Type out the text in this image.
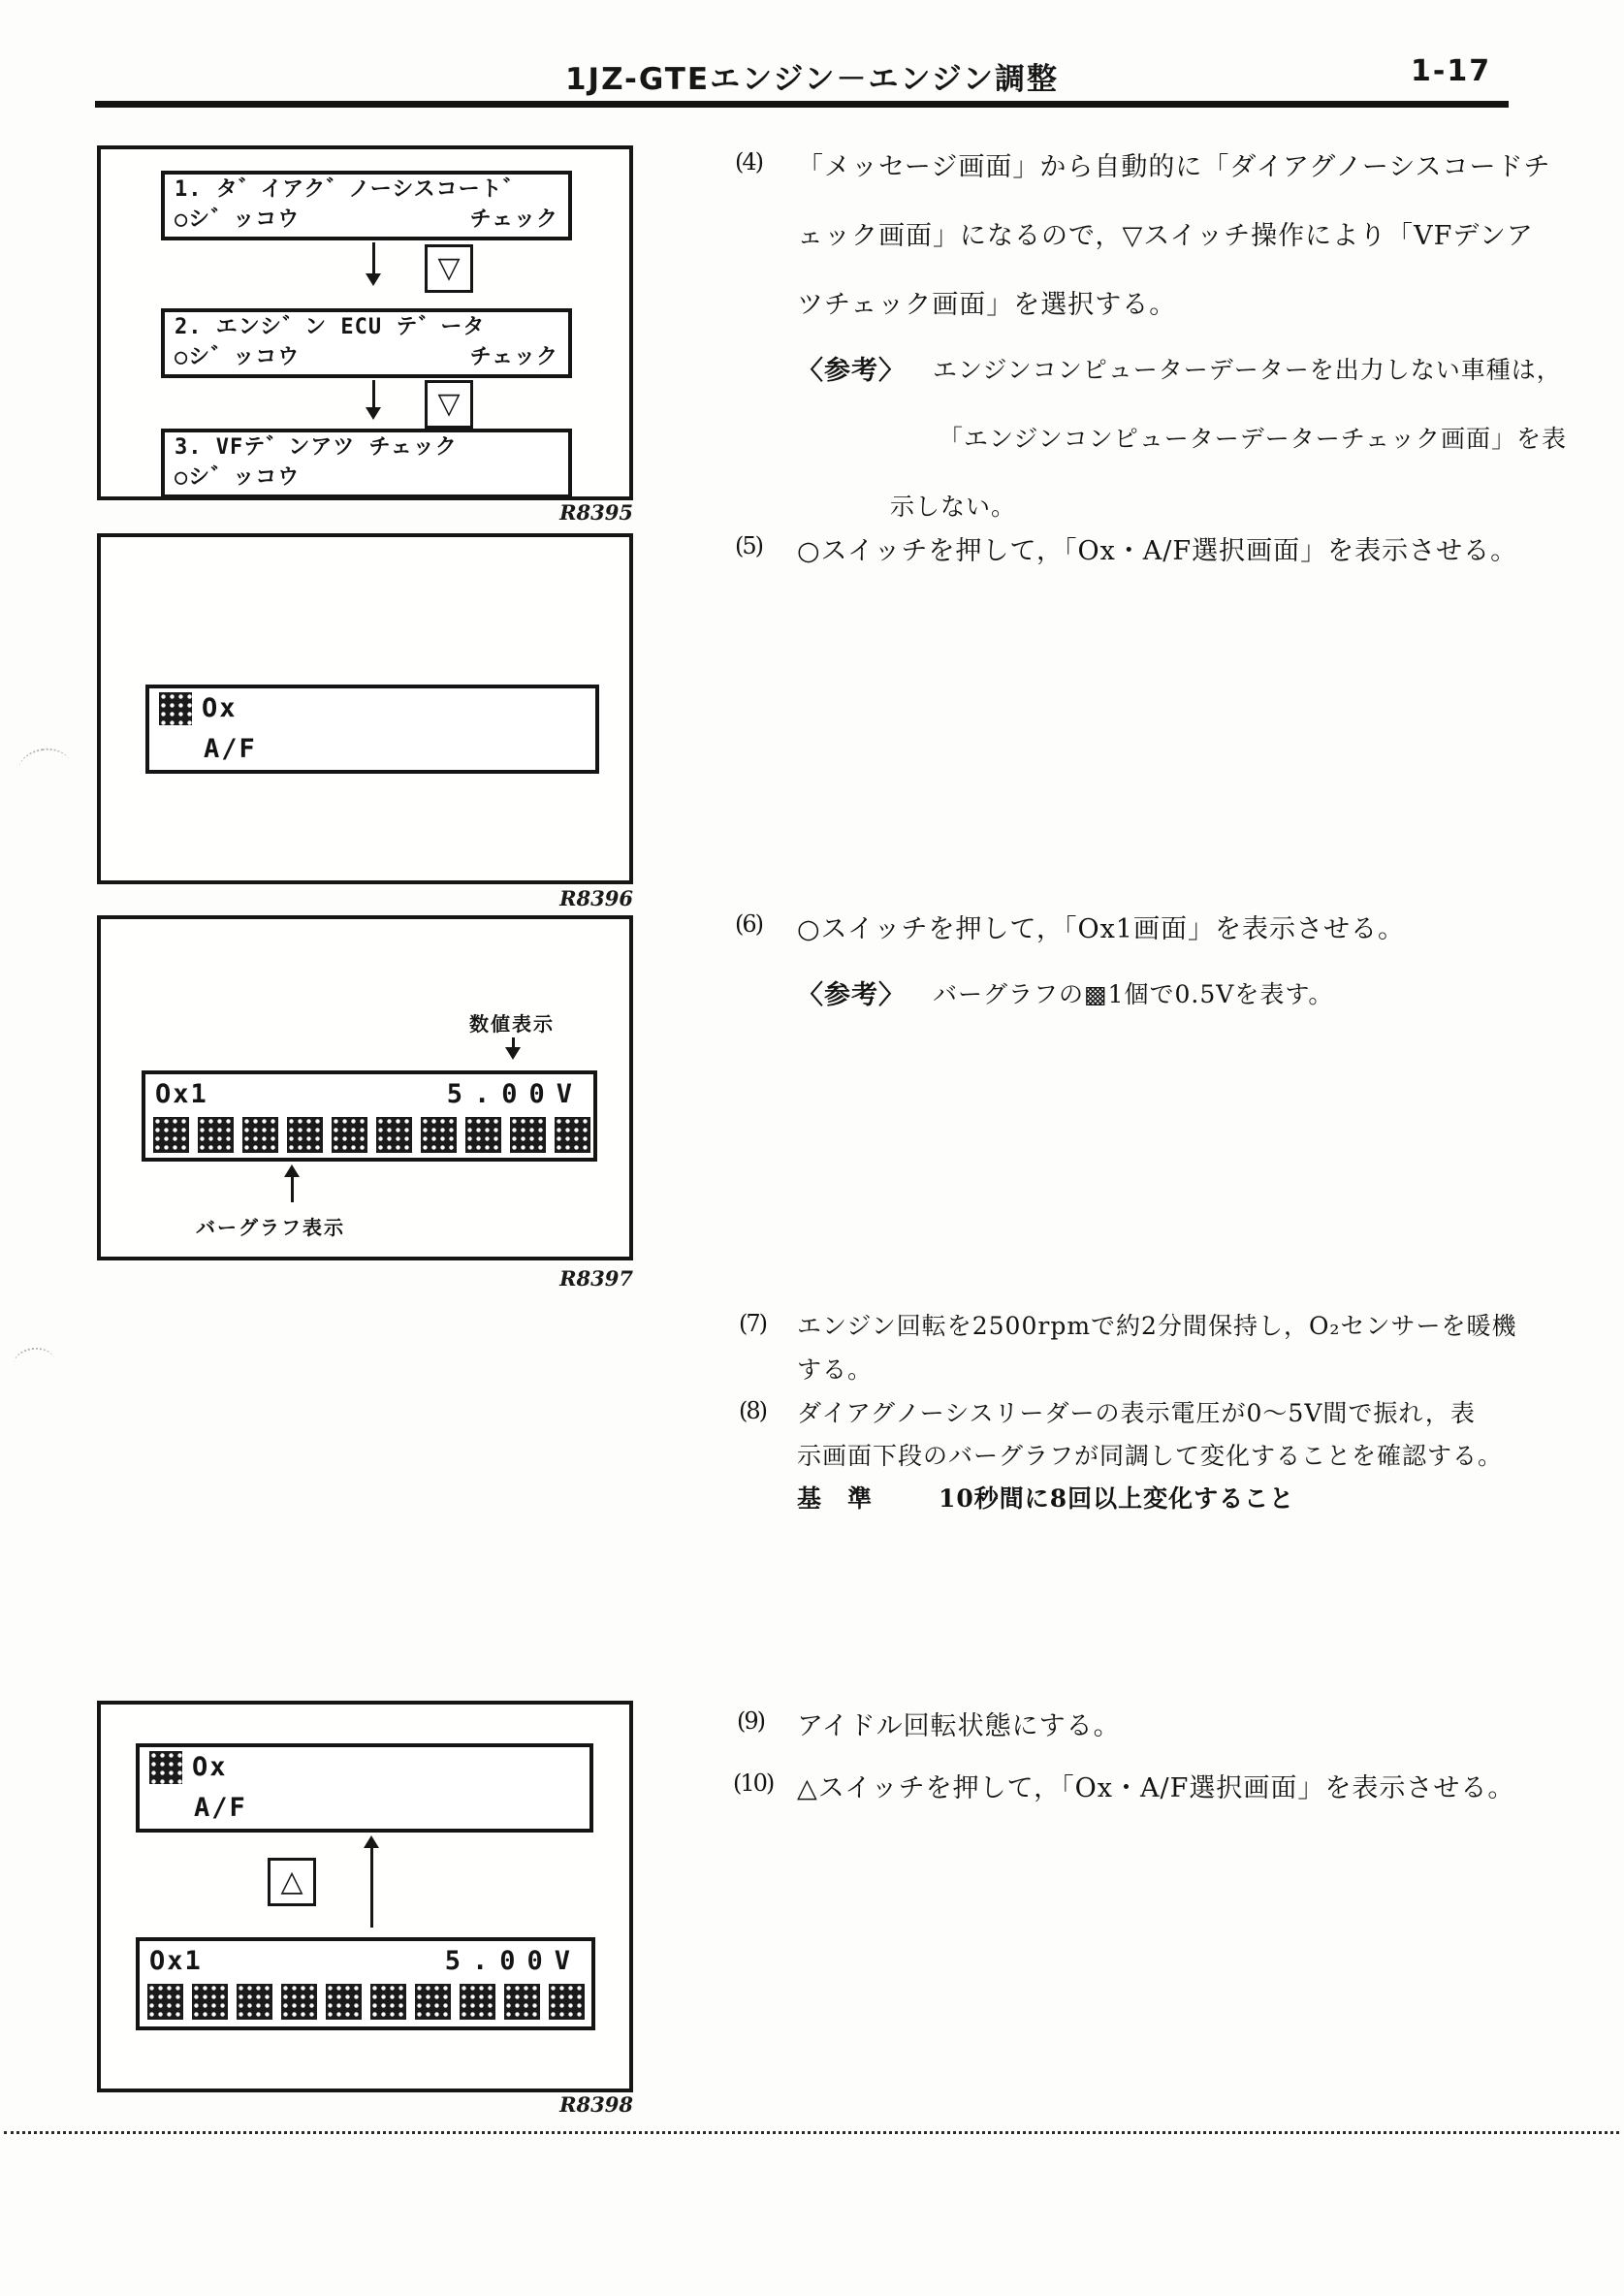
1JZ-GTEエンジン－エンジン調整	1-17
1. タ゛イアク゛ノーシスコート゛
○シ゛ッコウ	チェック
▽
2. エンシ゛ン ECU テ゛ータ
○シ゛ッコウ	チェック
▽
3. VFテ゛ンアツ チェック
○シ゛ッコウ
R8395
Ox
A/F
R8396
数値表示
Ox1	5.00V
バーグラフ表示
R8397
Ox
A/F
△
Ox1	5.00V
R8398
(4) 「メッセージ画面」から自動的に「ダイアグノーシスコードチ
ェック画面」になるので，▽スイッチ操作により「VFデンア
ツチェック画面」を選択する。
〈参考〉 エンジンコンピューターデーターを出力しない車種は，
「エンジンコンピューターデーターチェック画面」を表
示しない。
(5) ○スイッチを押して，「Ox・A/F選択画面」を表示させる。
(6) ○スイッチを押して，「Ox1画面」を表示させる。
〈参考〉 バーグラフの▩1個で0.5Vを表す。
(7) エンジン回転を2500rpmで約2分間保持し，O₂センサーを暖機
する。
(8) ダイアグノーシスリーダーの表示電圧が0～5V間で振れ，表
示画面下段のバーグラフが同調して変化することを確認する。
基　準	10秒間に8回以上変化すること
(9) アイドル回転状態にする。
(10) △スイッチを押して，「Ox・A/F選択画面」を表示させる。
